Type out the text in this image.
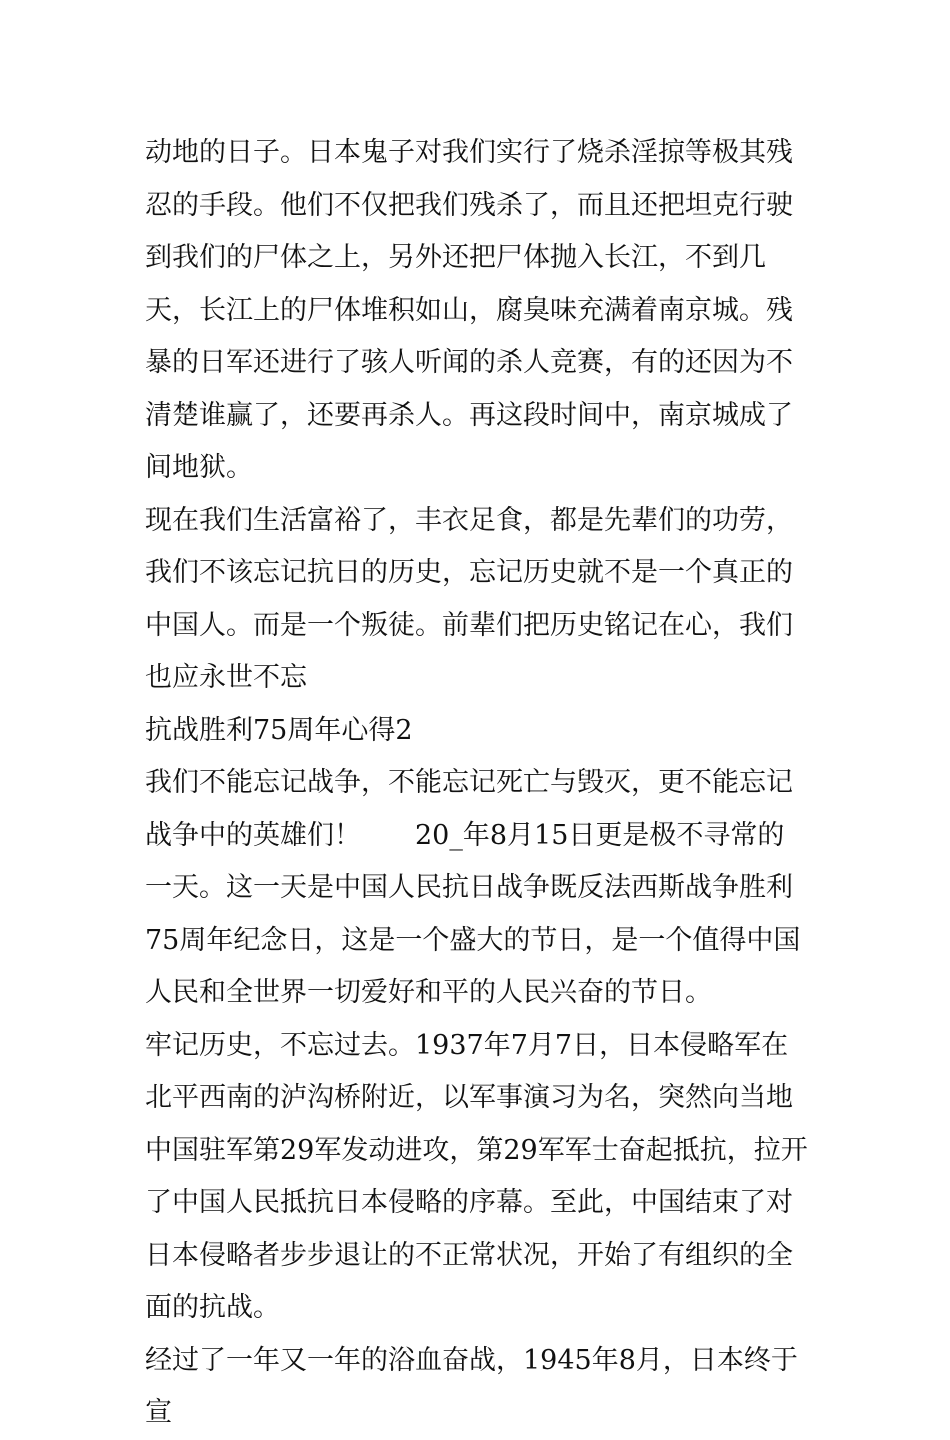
动地的日子。日本鬼子对我们实行了烧杀淫掠等极其残忍的手段。他们不仅把我们残杀了，而且还把坦克行驶到我们的尸体之上，另外还把尸体抛入长江，不到几天，长江上的尸体堆积如山，腐臭味充满着南京城。残暴的日军还进行了骇人听闻的杀人竞赛，有的还因为不清楚谁赢了，还要再杀人。再这段时间中，南京城成了间地狱。

现在我们生活富裕了，丰衣足食，都是先辈们的功劳，我们不该忘记抗日的历史，忘记历史就不是一个真正的中国人。而是一个叛徒。前辈们把历史铭记在心，我们也应永世不忘

抗战胜利75周年心得2

我们不能忘记战争，不能忘记死亡与毁灭，更不能忘记战争中的英雄们！　　20_年8月15日更是极不寻常的一天。这一天是中国人民抗日战争既反法西斯战争胜利75周年纪念日，这是一个盛大的节日，是一个值得中国人民和全世界一切爱好和平的人民兴奋的节日。

牢记历史，不忘过去。1937年7月7日，日本侵略军在北平西南的泸沟桥附近，以军事演习为名，突然向当地中国驻军第29军发动进攻，第29军军士奋起抵抗，拉开了中国人民抵抗日本侵略的序幕。至此，中国结束了对日本侵略者步步退让的不正常状况，开始了有组织的全面的抗战。

经过了一年又一年的浴血奋战，1945年8月，日本终于宣
